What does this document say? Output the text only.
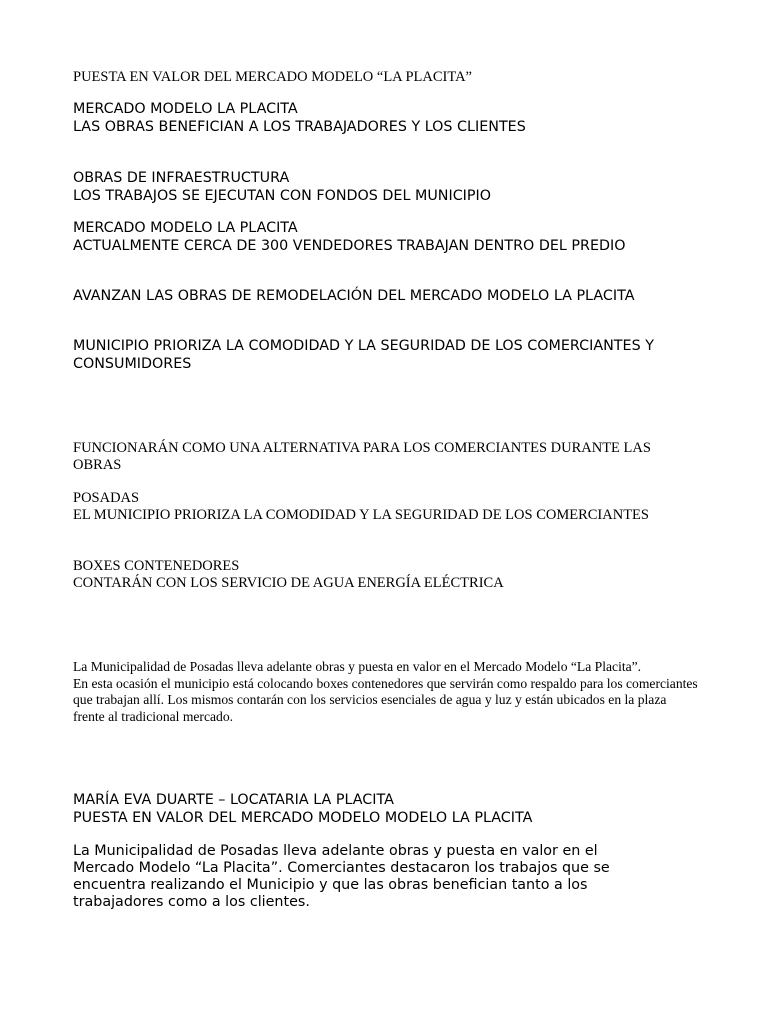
PUESTA EN VALOR DEL MERCADO MODELO “LA PLACITA”

MERCADO MODELO LA PLACITA

LAS OBRAS BENEFICIAN A LOS TRABAJADORES Y LOS CLIENTES

OBRAS DE INFRAESTRUCTURA

LOS TRABAJOS SE EJECUTAN CON FONDOS DEL MUNICIPIO

MERCADO MODELO LA PLACITA

ACTUALMENTE CERCA DE 300 VENDEDORES TRABAJAN DENTRO DEL PREDIO

AVANZAN LAS OBRAS DE REMODELACIÓN DEL MERCADO MODELO LA PLACITA

MUNICIPIO PRIORIZA LA COMODIDAD Y LA SEGURIDAD DE LOS COMERCIANTES Y CONSUMIDORES

FUNCIONARÁN COMO UNA ALTERNATIVA PARA LOS COMERCIANTES DURANTE LAS OBRAS

POSADAS

EL MUNICIPIO PRIORIZA LA COMODIDAD Y LA SEGURIDAD DE LOS COMERCIANTES

BOXES CONTENEDORES

CONTARÁN CON LOS SERVICIO DE AGUA ENERGÍA ELÉCTRICA

La Municipalidad de Posadas lleva adelante obras y puesta en valor en el Mercado Modelo “La Placita”.

En esta ocasión el municipio está colocando boxes contenedores que servirán como respaldo para los comerciantes que trabajan allí. Los mismos contarán con los servicios esenciales de agua y luz y están ubicados en la plaza frente al tradicional mercado.

MARÍA EVA DUARTE – LOCATARIA LA PLACITA

PUESTA EN VALOR DEL MERCADO MODELO MODELO LA PLACITA

La Municipalidad de Posadas lleva adelante obras y puesta en valor en el Mercado Modelo “La Placita”. Comerciantes destacaron los trabajos que se encuentra realizando el Municipio y que las obras benefician tanto a los trabajadores como a los clientes.
